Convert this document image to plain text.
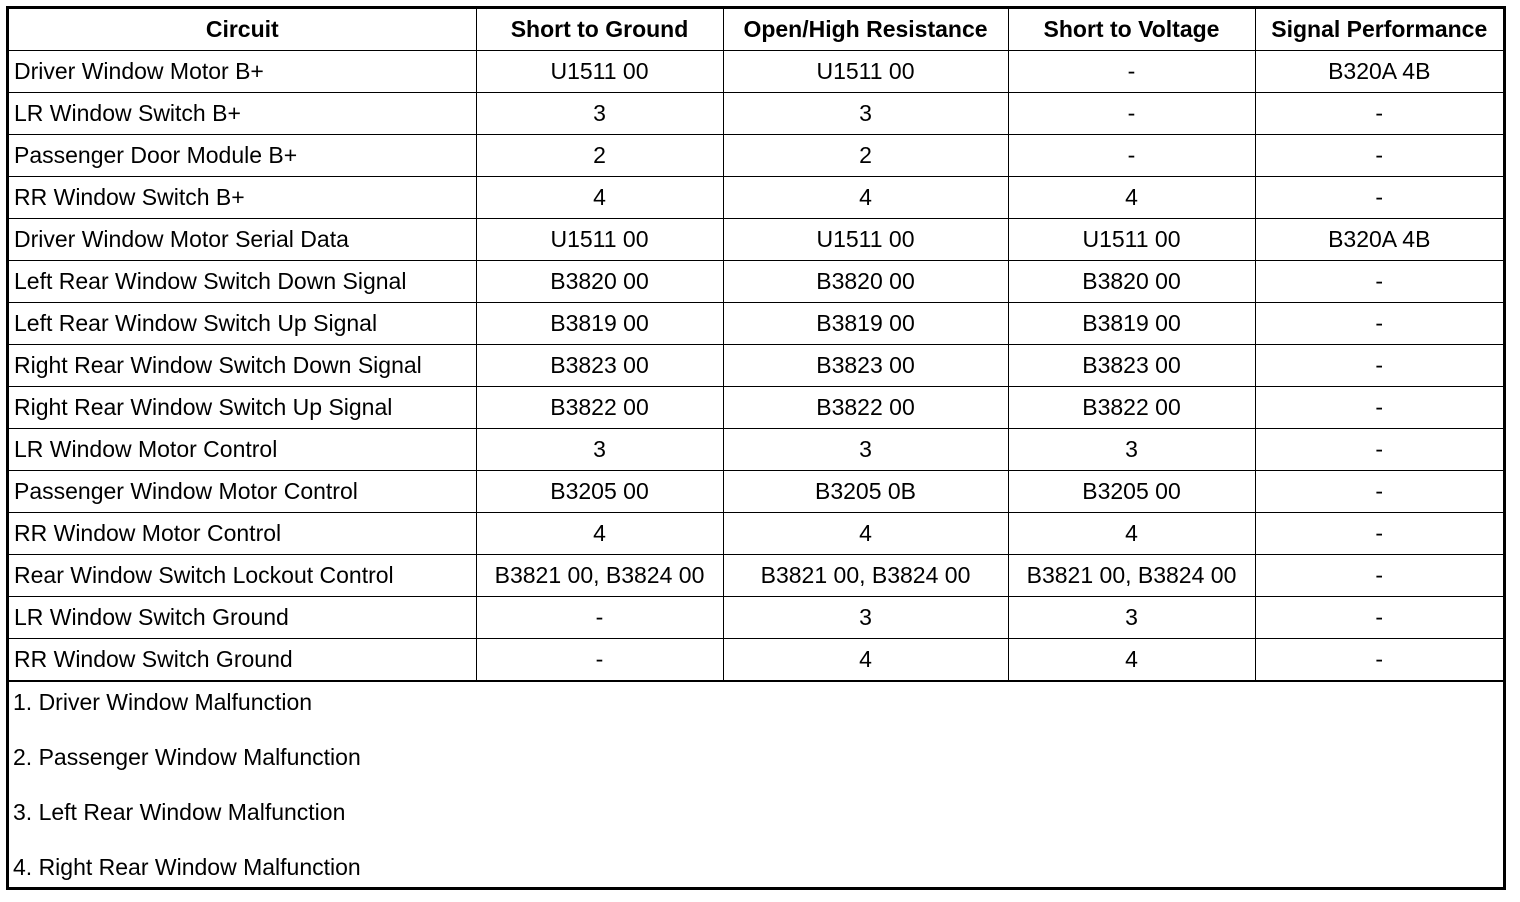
Circuit	Short to Ground	Open/High Resistance	Short to Voltage	Signal Performance
Driver Window Motor B+	U1511 00	U1511 00	-	B320A 4B
LR Window Switch B+	3	3	-	-
Passenger Door Module B+	2	2	-	-
RR Window Switch B+	4	4	4	-
Driver Window Motor Serial Data	U1511 00	U1511 00	U1511 00	B320A 4B
Left Rear Window Switch Down Signal	B3820 00	B3820 00	B3820 00	-
Left Rear Window Switch Up Signal	B3819 00	B3819 00	B3819 00	-
Right Rear Window Switch Down Signal	B3823 00	B3823 00	B3823 00	-
Right Rear Window Switch Up Signal	B3822 00	B3822 00	B3822 00	-
LR Window Motor Control	3	3	3	-
Passenger Window Motor Control	B3205 00	B3205 0B	B3205 00	-
RR Window Motor Control	4	4	4	-
Rear Window Switch Lockout Control	B3821 00, B3824 00	B3821 00, B3824 00	B3821 00, B3824 00	-
LR Window Switch Ground	-	3	3	-
RR Window Switch Ground	-	4	4	-
1. Driver Window Malfunction
2. Passenger Window Malfunction
3. Left Rear Window Malfunction
4. Right Rear Window Malfunction
